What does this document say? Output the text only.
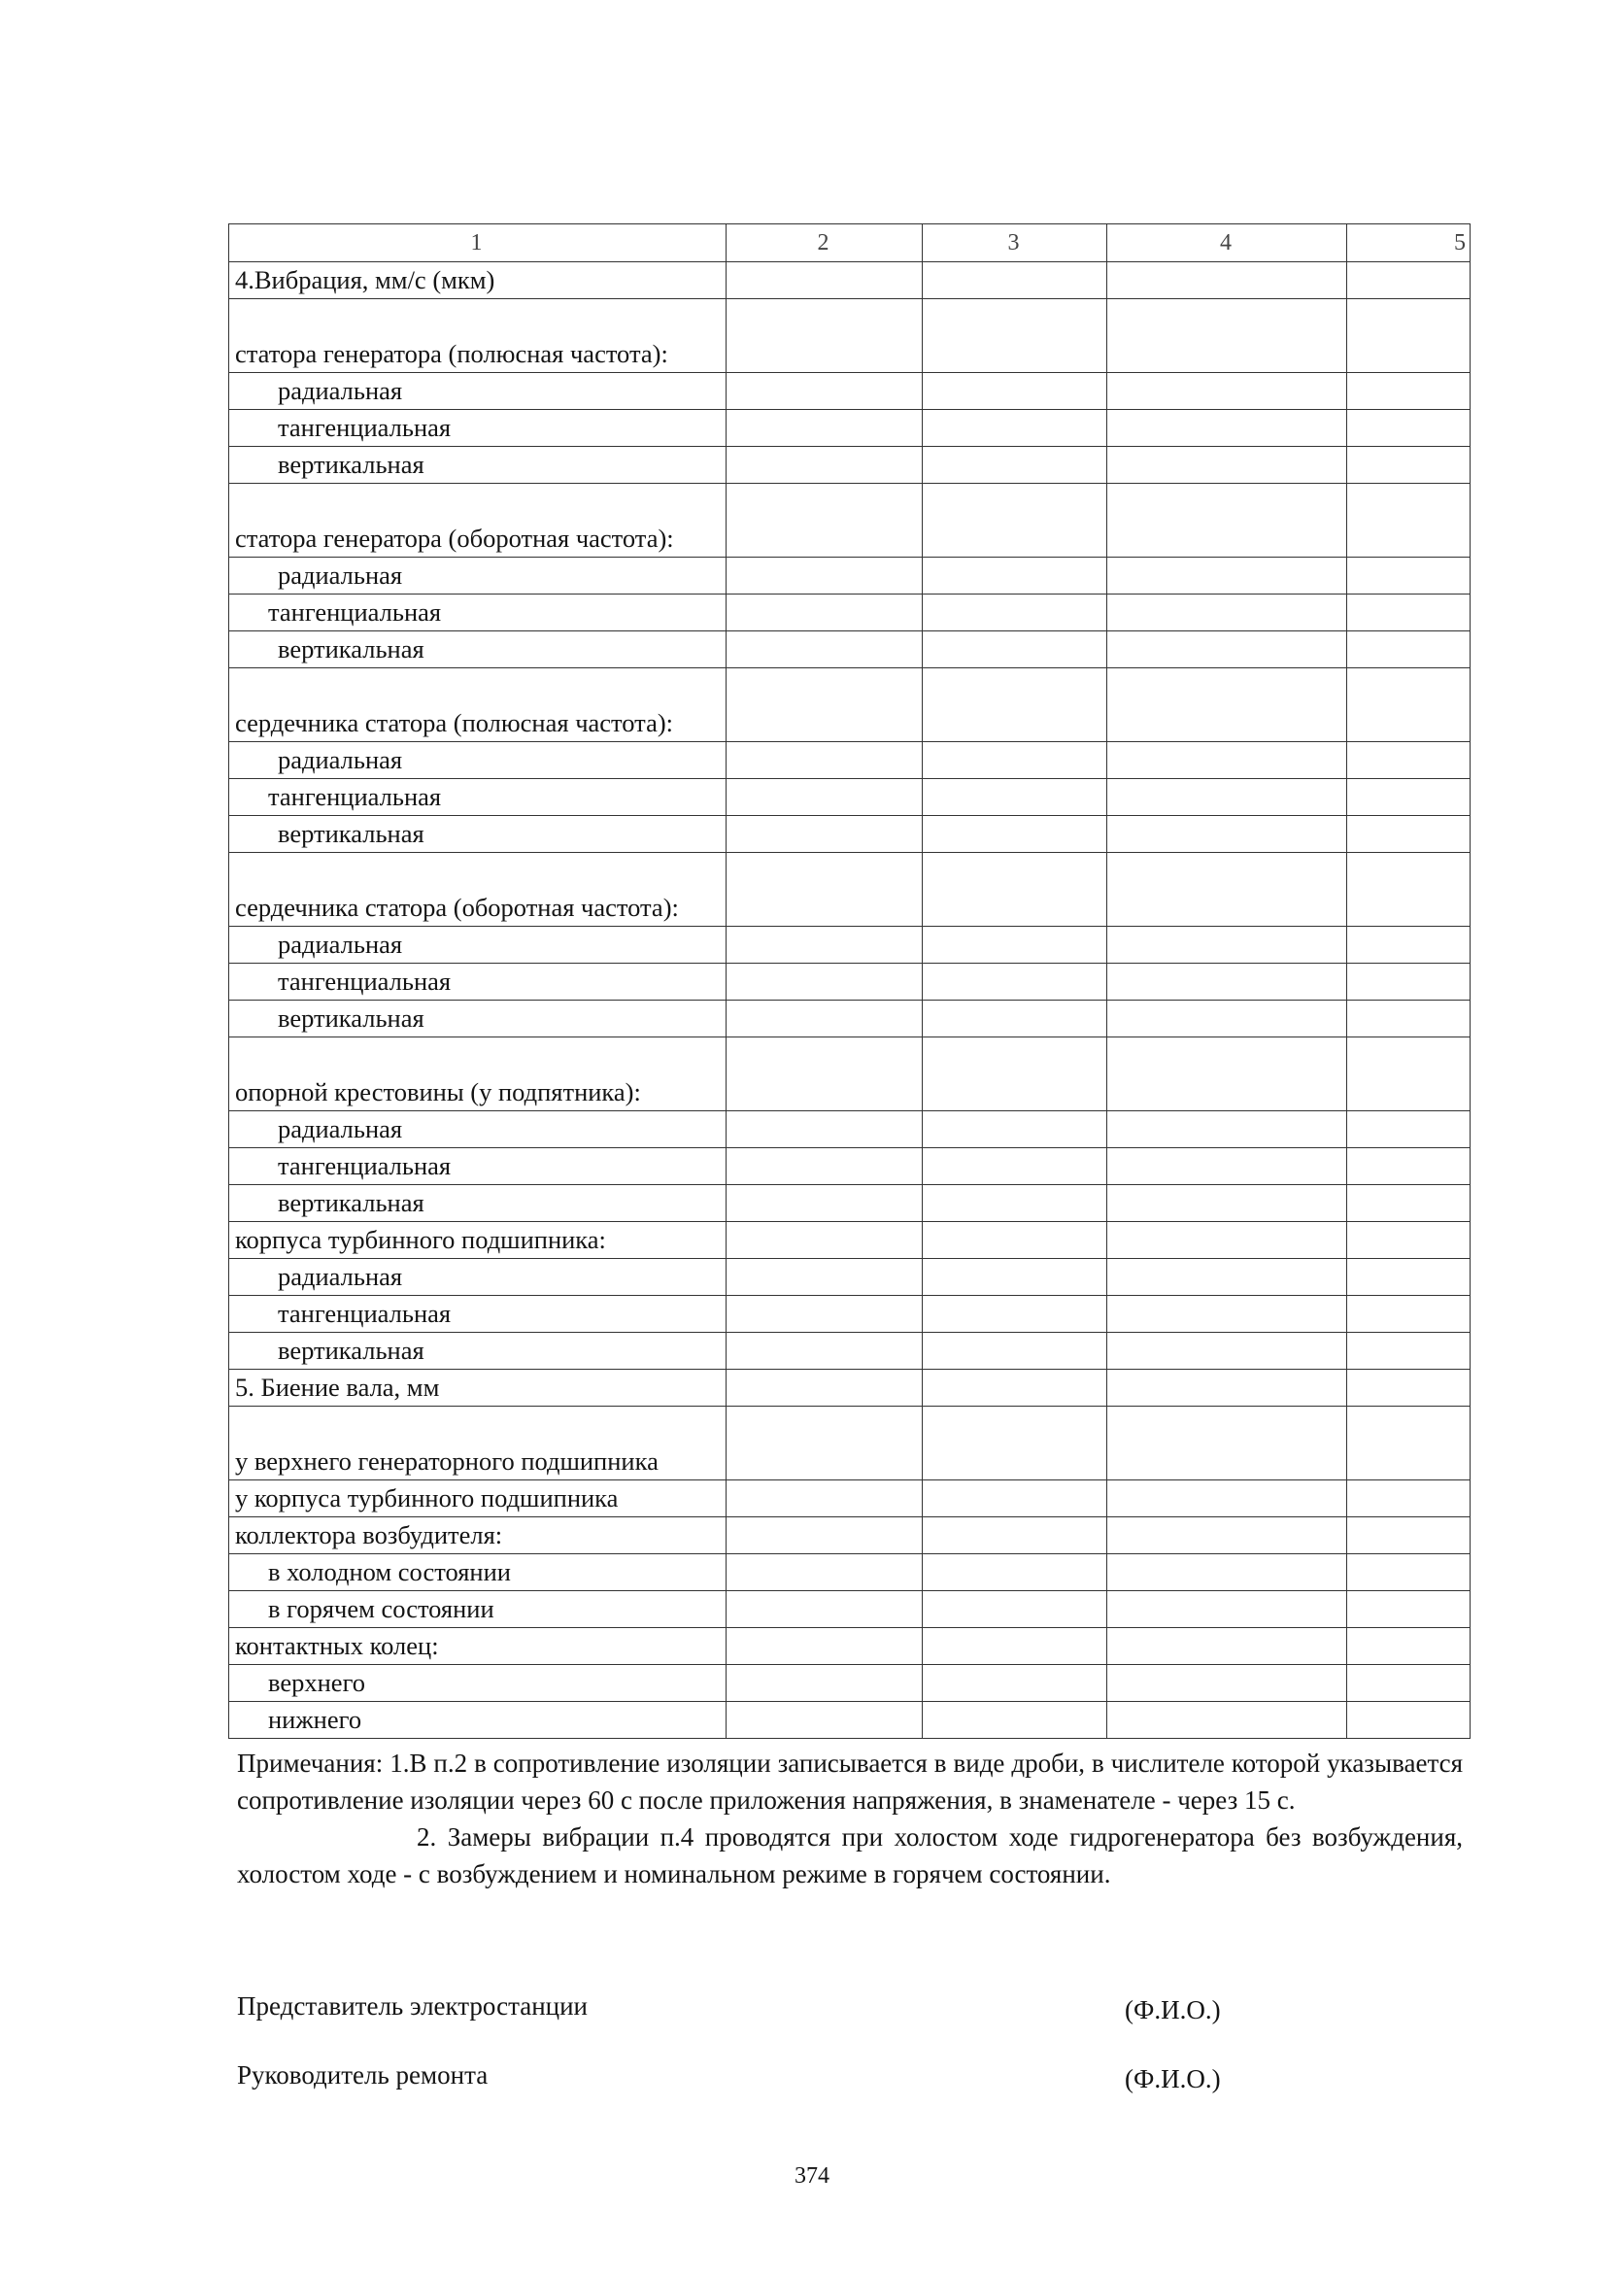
1	2	3	4	5

4.Вибрация, мм/с (мкм)				

статора генератора (полюсная частота):				

радиальная				

тангенциальная				

вертикальная				

статора генератора (оборотная частота):				

радиальная				

тангенциальная				

вертикальная				

сердечника статора (полюсная частота):				

радиальная				

тангенциальная				

вертикальная				

сердечника статора (оборотная частота):				

радиальная				

тангенциальная				

вертикальная				

опорной крестовины (у подпятника):				

радиальная				

тангенциальная				

вертикальная				

корпуса турбинного подшипника:				

радиальная				

тангенциальная				

вертикальная				

5. Биение вала, мм				

у верхнего генераторного подшипника				

у корпуса турбинного подшипника				

коллектора возбудителя:				

в холодном состоянии				

в горячем состоянии				

контактных колец:				

верхнего				

нижнего				

Примечания: 1.В п.2 в сопротивление изоляции записывается в виде дроби, в числителе которой указывается сопротивление изоляции через 60 с после приложения напряжения, в знаменателе - через 15 с.

2. Замеры вибрации п.4 проводятся при холостом ходе гидрогенератора без возбуждения, холостом ходе - с возбуждением и номинальном режиме в горячем состоянии.

Представитель электростанции	(Ф.И.О.)
Руководитель ремонта	(Ф.И.О.)
374
